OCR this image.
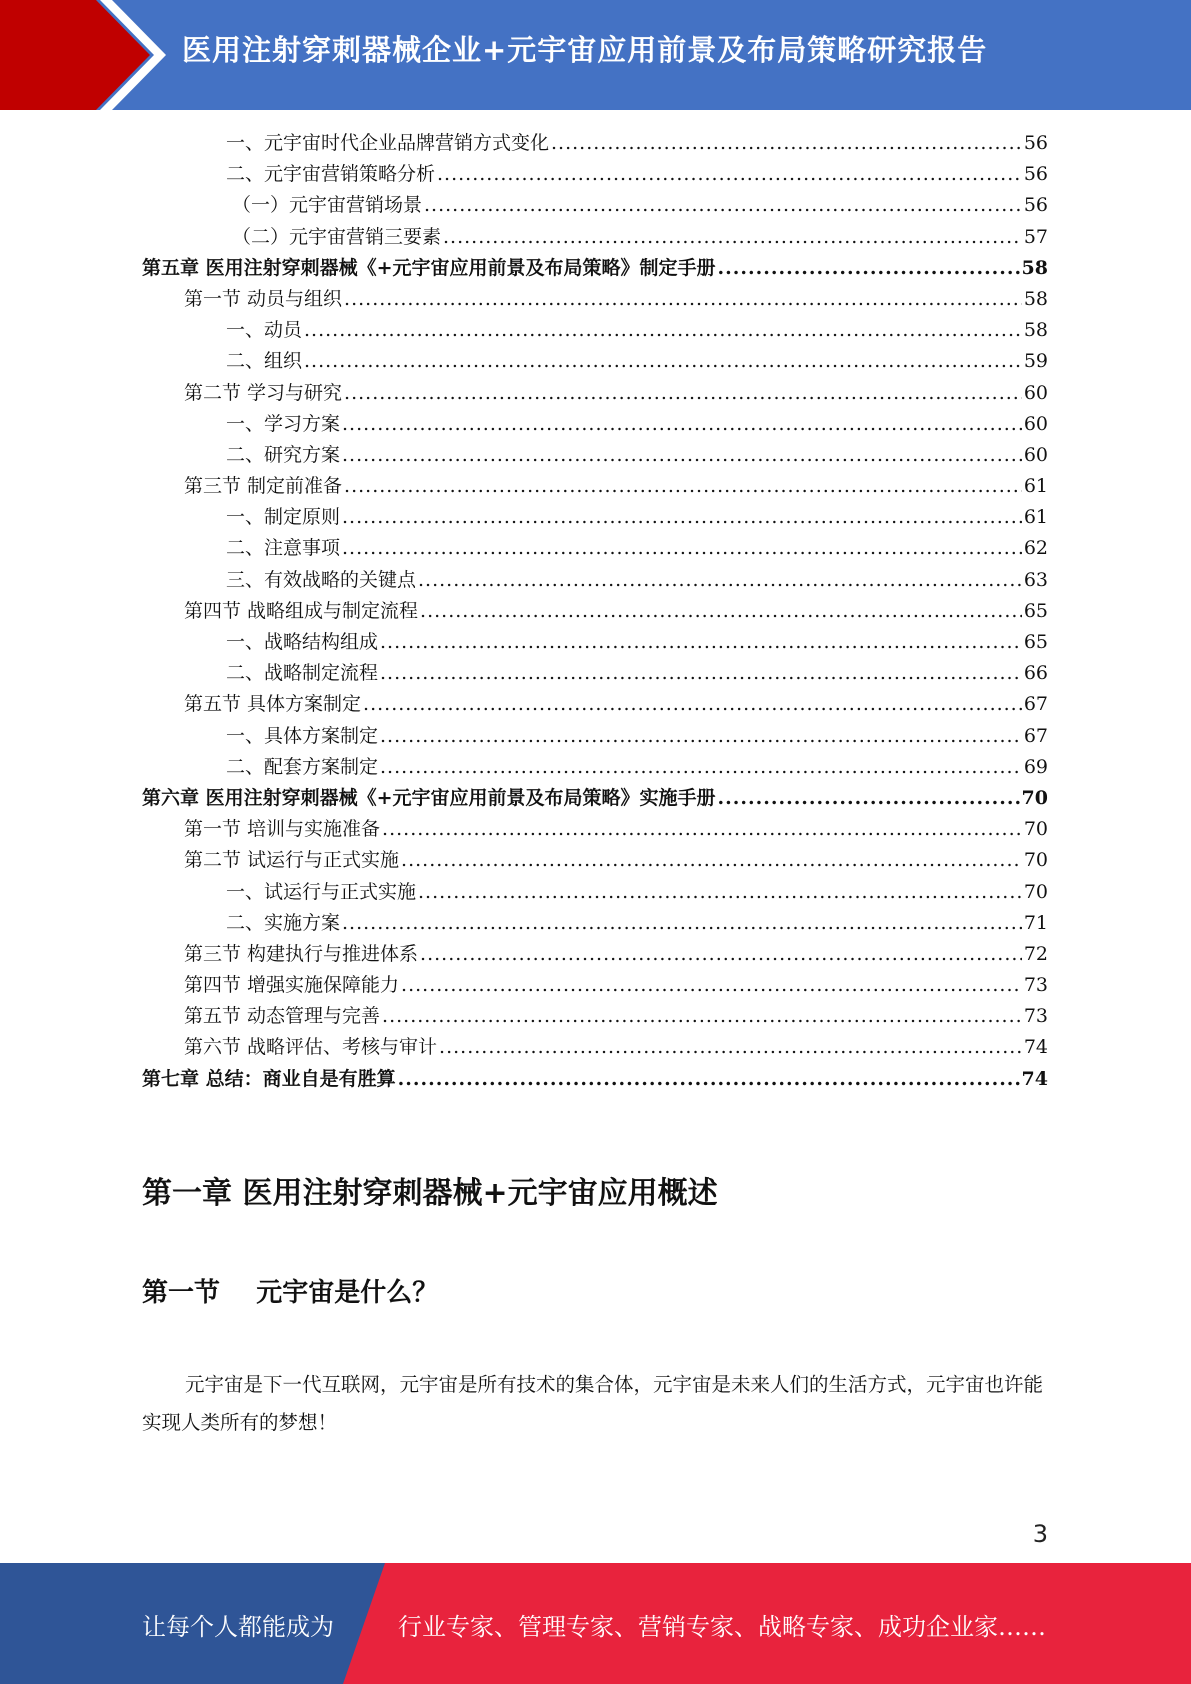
医用注射穿刺器械企业+元宇宙应用前景及布局策略研究报告
一、元宇宙时代企业品牌营销方式变化 .....	56
二、元宇宙营销策略分析 .....	56
（一）元宇宙营销场景 .....	56
（二）元宇宙营销三要素 .....	57
第五章 医用注射穿刺器械《+元宇宙应用前景及布局策略》制定手册 .....	58
第一节 动员与组织 .....	58
一、动员 .....	58
二、组织 .....	59
第二节 学习与研究 .....	60
一、学习方案 .....	60
二、研究方案 .....	60
第三节 制定前准备 .....	61
一、制定原则 .....	61
二、注意事项 .....	62
三、有效战略的关键点 .....	63
第四节 战略组成与制定流程 .....	65
一、战略结构组成 .....	65
二、战略制定流程 .....	66
第五节 具体方案制定 .....	67
一、具体方案制定 .....	67
二、配套方案制定 .....	69
第六章 医用注射穿刺器械《+元宇宙应用前景及布局策略》实施手册 .....	70
第一节 培训与实施准备 .....	70
第二节 试运行与正式实施 .....	70
一、试运行与正式实施 .....	70
二、实施方案 .....	71
第三节 构建执行与推进体系 .....	72
第四节 增强实施保障能力 .....	73
第五节 动态管理与完善 .....	73
第六节 战略评估、考核与审计 .....	74
第七章 总结：商业自是有胜算 .....	74
第一章 医用注射穿刺器械+元宇宙应用概述
第一节    元宇宙是什么？
元宇宙是下一代互联网，元宇宙是所有技术的集合体，元宇宙是未来人们的生活方式，元宇宙也许能实现人类所有的梦想！
3
让每个人都能成为	行业专家、管理专家、营销专家、战略专家、成功企业家……
